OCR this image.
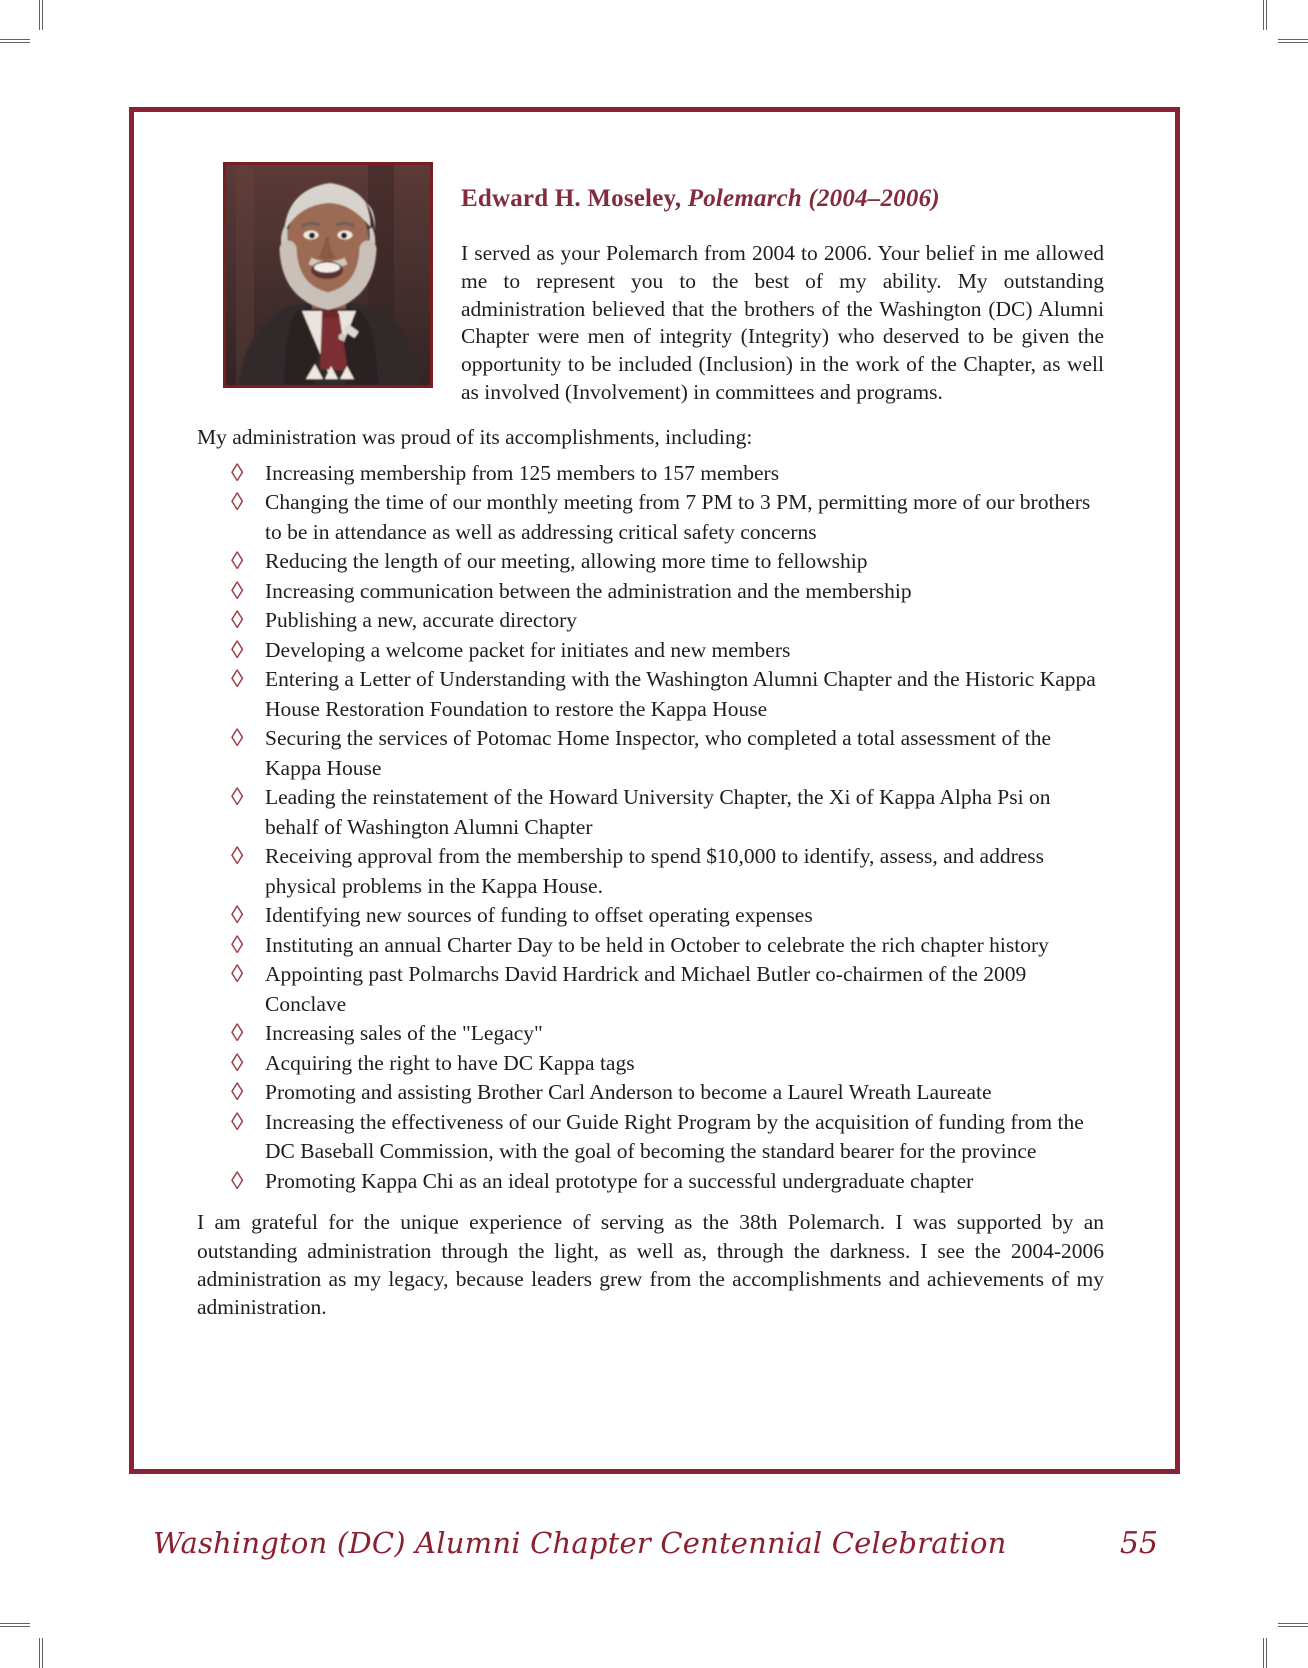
Edward H. Moseley, Polemarch (2004–2006)

I served as your Polemarch from 2004 to 2006. Your belief in me allowed me to represent you to the best of my ability. My outstanding administration believed that the brothers of the Washington (DC) Alumni Chapter were men of integrity (Integrity) who deserved to be given the opportunity to be included (Inclusion) in the work of the Chapter, as well as involved (Involvement) in committees and programs.

My administration was proud of its accomplishments, including:

◊ Increasing membership from 125 members to 157 members
◊ Changing the time of our monthly meeting from 7 PM to 3 PM, permitting more of our brothers to be in attendance as well as addressing critical safety concerns
◊ Reducing the length of our meeting, allowing more time to fellowship
◊ Increasing communication between the administration and the membership
◊ Publishing a new, accurate directory
◊ Developing a welcome packet for initiates and new members
◊ Entering a Letter of Understanding with the Washington Alumni Chapter and the Historic Kappa House Restoration Foundation to restore the Kappa House
◊ Securing the services of Potomac Home Inspector, who completed a total assessment of the Kappa House
◊ Leading the reinstatement of the Howard University Chapter, the Xi of Kappa Alpha Psi on behalf of Washington Alumni Chapter
◊ Receiving approval from the membership to spend $10,000 to identify, assess, and address physical problems in the Kappa House.
◊ Identifying new sources of funding to offset operating expenses
◊ Instituting an annual Charter Day to be held in October to celebrate the rich chapter history
◊ Appointing past Polmarchs David Hardrick and Michael Butler co-chairmen of the 2009 Conclave
◊ Increasing sales of the "Legacy"
◊ Acquiring the right to have DC Kappa tags
◊ Promoting and assisting Brother Carl Anderson to become a Laurel Wreath Laureate
◊ Increasing the effectiveness of our Guide Right Program by the acquisition of funding from the DC Baseball Commission, with the goal of becoming the standard bearer for the province
◊ Promoting Kappa Chi as an ideal prototype for a successful undergraduate chapter

I am grateful for the unique experience of serving as the 38th Polemarch. I was supported by an outstanding administration through the light, as well as, through the darkness. I see the 2004-2006 administration as my legacy, because leaders grew from the accomplishments and achievements of my administration.

Washington (DC) Alumni Chapter Centennial Celebration	55
